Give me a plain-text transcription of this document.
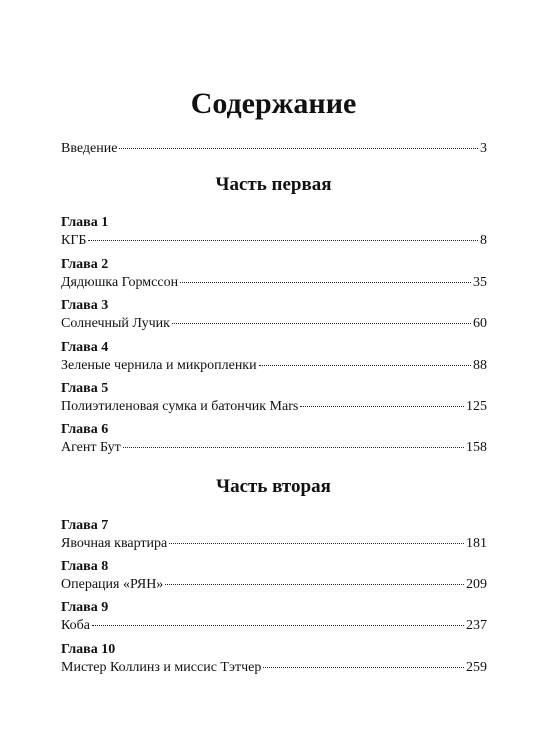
Содержание
Введение	3
Часть первая
Глава 1
КГБ	8
Глава 2
Дядюшка Гормссон	35
Глава 3
Солнечный Лучик	60
Глава 4
Зеленые чернила и микропленки	88
Глава 5
Полиэтиленовая сумка и батончик Mars	125
Глава 6
Агент Бут	158
Часть вторая
Глава 7
Явочная квартира	181
Глава 8
Операция «РЯН»	209
Глава 9
Коба	237
Глава 10
Мистер Коллинз и миссис Тэтчер	259
